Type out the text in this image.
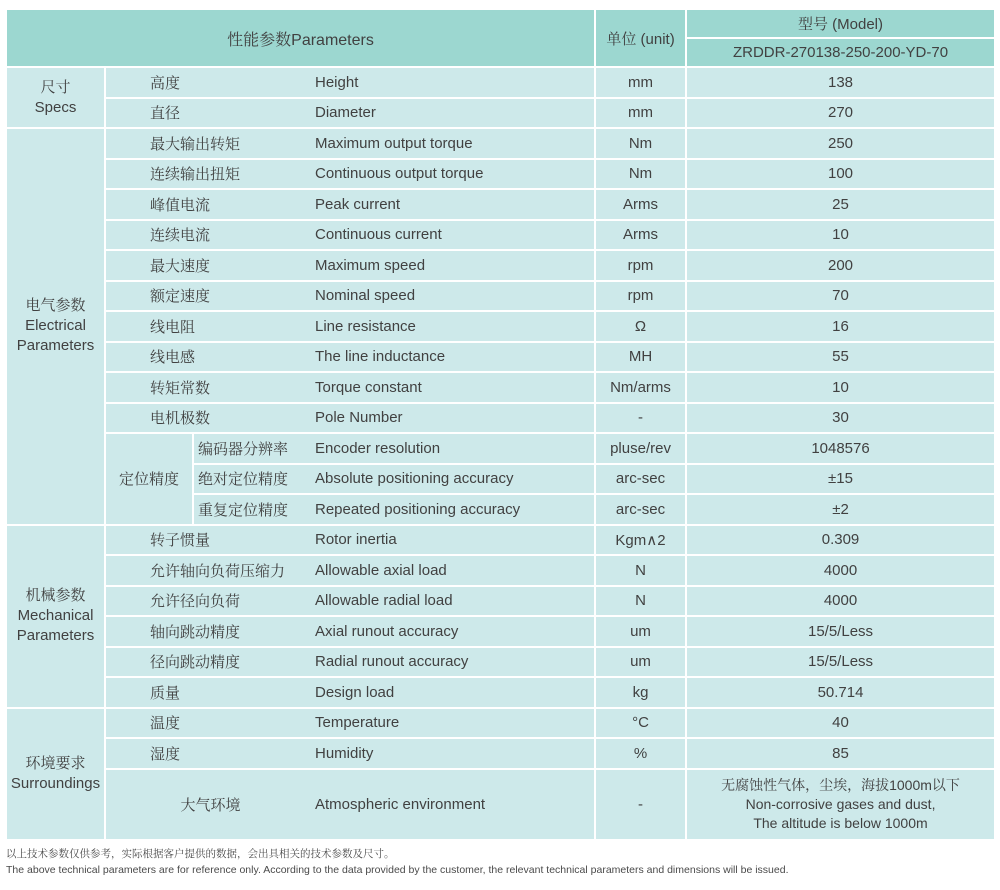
性能参数Parameters			单位 (unit)	型号 (Model)
				ZRDDR-270138-250-200-YD-70

尺寸
Specs	高度 Height		mm	138
	直径 Diameter		mm	270

电气参数
Electrical
Parameters	最大输出转矩 Maximum output torque		Nm	250
	连续输出扭矩 Continuous output torque		Nm	100
	峰值电流 Peak current		Arms	25
	连续电流 Continuous current		Arms	10
	最大速度 Maximum speed		rpm	200
	额定速度 Nominal speed		rpm	70
	线电阻 Line resistance		Ω	16
	线电感 The line inductance		MH	55
	转矩常数 Torque constant		Nm/arms	10
	电机极数 Pole Number		-	30
	定位精度	编码器分辨率 Encoder resolution	pluse/rev	1048576
		绝对定位精度 Absolute positioning accuracy	arc-sec	±15
		重复定位精度 Repeated positioning accuracy	arc-sec	±2

机械参数
Mechanical
Parameters	转子惯量 Rotor inertia		Kgm∧2	0.309
	允许轴向负荷压缩力 Allowable axial load		N	4000
	允许径向负荷 Allowable radial load		N	4000
	轴向跳动精度 Axial runout accuracy		um	15/5/Less
	径向跳动精度 Radial runout accuracy		um	15/5/Less
	质量 Design load		kg	50.714

环境要求
Surroundings	温度 Temperature		°C	40
	湿度 Humidity		%	85
	大气环境 Atmospheric environment		-	无腐蚀性气体，尘埃，海拔1000m以下
Non-corrosive gases and dust,
The altitude is below 1000m
以上技术参数仅供参考，实际根据客户提供的数据，会出具相关的技术参数及尺寸。
The above technical parameters are for reference only. According to the data provided by the customer, the relevant technical parameters and dimensions will be issued.
